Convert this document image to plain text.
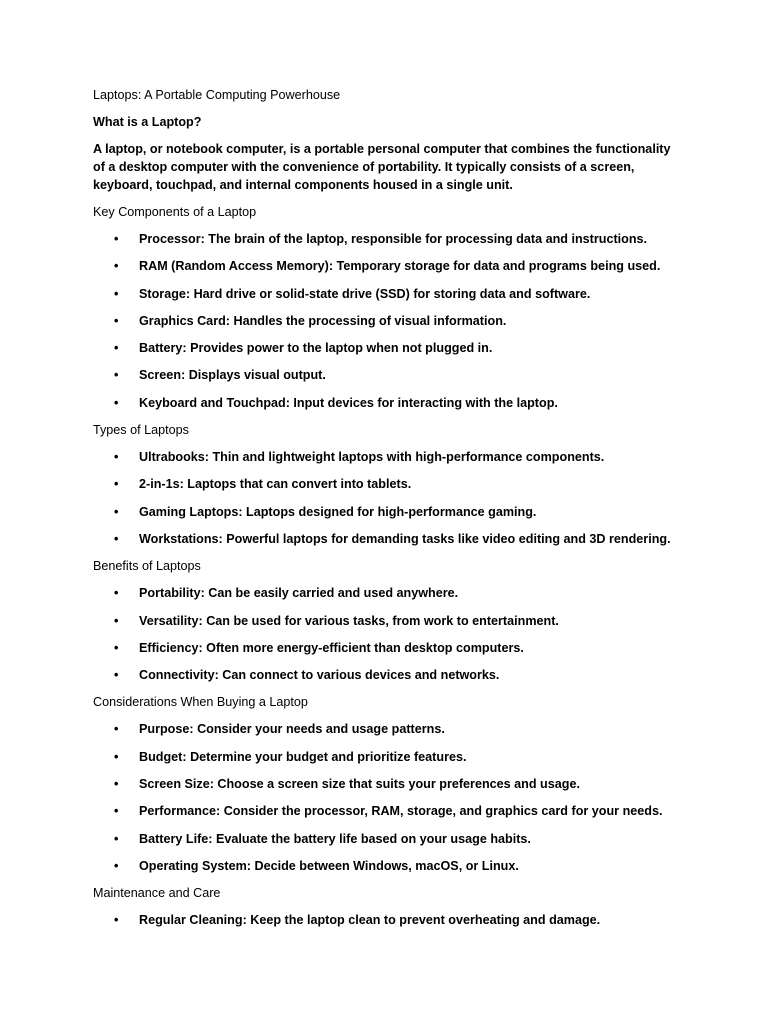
Laptops: A Portable Computing Powerhouse

What is a Laptop?

A laptop, or notebook computer, is a portable personal computer that combines the functionality of a desktop computer with the convenience of portability. It typically consists of a screen, keyboard, touchpad, and internal components housed in a single unit.

Key Components of a Laptop

• Processor: The brain of the laptop, responsible for processing data and instructions.
• RAM (Random Access Memory): Temporary storage for data and programs being used.
• Storage: Hard drive or solid-state drive (SSD) for storing data and software.
• Graphics Card: Handles the processing of visual information.
• Battery: Provides power to the laptop when not plugged in.
• Screen: Displays visual output.
• Keyboard and Touchpad: Input devices for interacting with the laptop.

Types of Laptops

• Ultrabooks: Thin and lightweight laptops with high-performance components.
• 2-in-1s: Laptops that can convert into tablets.
• Gaming Laptops: Laptops designed for high-performance gaming.
• Workstations: Powerful laptops for demanding tasks like video editing and 3D rendering.

Benefits of Laptops

• Portability: Can be easily carried and used anywhere.
• Versatility: Can be used for various tasks, from work to entertainment.
• Efficiency: Often more energy-efficient than desktop computers.
• Connectivity: Can connect to various devices and networks.

Considerations When Buying a Laptop

• Purpose: Consider your needs and usage patterns.
• Budget: Determine your budget and prioritize features.
• Screen Size: Choose a screen size that suits your preferences and usage.
• Performance: Consider the processor, RAM, storage, and graphics card for your needs.
• Battery Life: Evaluate the battery life based on your usage habits.
• Operating System: Decide between Windows, macOS, or Linux.

Maintenance and Care

• Regular Cleaning: Keep the laptop clean to prevent overheating and damage.
